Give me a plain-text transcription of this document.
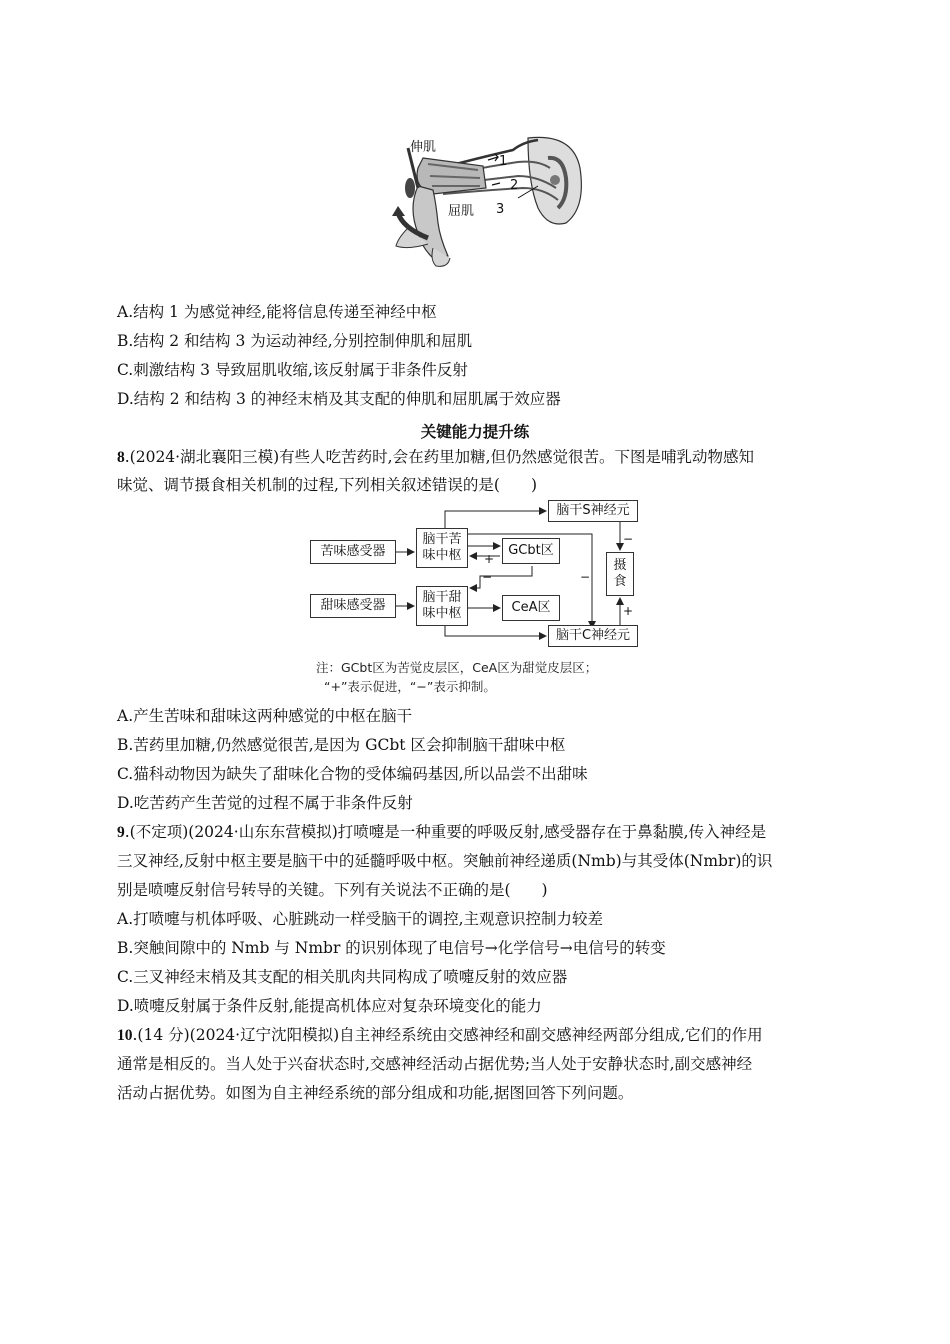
伸肌
屈肌
1
2
3
A.结构 1 为感觉神经,能将信息传递至神经中枢
B.结构 2 和结构 3 为运动神经,分别控制伸肌和屈肌
C.刺激结构 3 导致屈肌收缩,该反射属于非条件反射
D.结构 2 和结构 3 的神经末梢及其支配的伸肌和屈肌属于效应器
关键能力提升练
8.(2024·湖北襄阳三模)有些人吃苦药时,会在药里加糖,但仍然感觉很苦。下图是哺乳动物感知
味觉、调节摄食相关机制的过程,下列相关叙述错误的是(　　)
苦味感受器
甜味感受器
脑干苦
味中枢
脑干甜
味中枢
GCbt区
CeA区
脑干S神经元
脑干C神经元
摄
食
+
−	−
−
+
注：GCbt区为苦觉皮层区，CeA区为甜觉皮层区；
“+”表示促进，“−”表示抑制。
A.产生苦味和甜味这两种感觉的中枢在脑干
B.苦药里加糖,仍然感觉很苦,是因为 GCbt 区会抑制脑干甜味中枢
C.猫科动物因为缺失了甜味化合物的受体编码基因,所以品尝不出甜味
D.吃苦药产生苦觉的过程不属于非条件反射
9.(不定项)(2024·山东东营模拟)打喷嚏是一种重要的呼吸反射,感受器存在于鼻黏膜,传入神经是
三叉神经,反射中枢主要是脑干中的延髓呼吸中枢。突触前神经递质(Nmb)与其受体(Nmbr)的识
别是喷嚏反射信号转导的关键。下列有关说法不正确的是(　　)
A.打喷嚏与机体呼吸、心脏跳动一样受脑干的调控,主观意识控制力较差
B.突触间隙中的 Nmb 与 Nmbr 的识别体现了电信号→化学信号→电信号的转变
C.三叉神经末梢及其支配的相关肌肉共同构成了喷嚏反射的效应器
D.喷嚏反射属于条件反射,能提高机体应对复杂环境变化的能力
10.(14 分)(2024·辽宁沈阳模拟)自主神经系统由交感神经和副交感神经两部分组成,它们的作用
通常是相反的。当人处于兴奋状态时,交感神经活动占据优势;当人处于安静状态时,副交感神经
活动占据优势。如图为自主神经系统的部分组成和功能,据图回答下列问题。
